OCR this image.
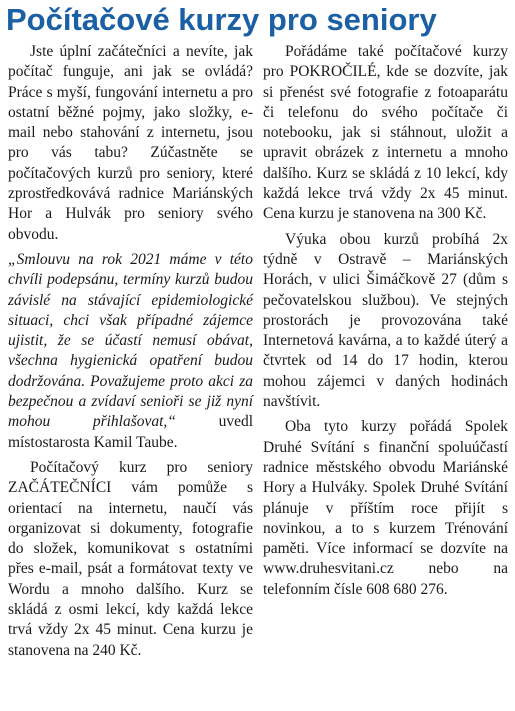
Počítačové kurzy pro seniory

Jste úplní začátečníci a nevíte, jak počítač funguje, ani jak se ovládá? Práce s myší, fungování internetu a pro ostatní běžné pojmy, jako složky, e-mail nebo stahování z internetu, jsou pro vás tabu? Zúčastněte se počítačových kurzů pro seniory, které zprostředkovává radnice Mariánských Hor a Hulvák pro seniory svého obvodu.

„Smlouvu na rok 2021 máme v této chvíli podepsánu, termíny kurzů budou závislé na stávající epidemiologické situaci, chci však případné zájemce ujistit, že se účastí nemusí obávat, všechna hygienická opatření budou dodržována. Považujeme proto akci za bezpečnou a zvídaví senioři se již nyní mohou přihlašovat,“ uvedl místostarosta Kamil Taube.

Počítačový kurz pro seniory ZAČÁTEČNÍCI vám pomůže s orientací na internetu, naučí vás organizovat si dokumenty, fotografie do složek, komunikovat s ostatními přes e-mail, psát a formátovat texty ve Wordu a mnoho dalšího. Kurz se skládá z osmi lekcí, kdy každá lekce trvá vždy 2x 45 minut. Cena kurzu je stanovena na 240 Kč.

Pořádáme také počítačové kurzy pro POKROČILÉ, kde se dozvíte, jak si přenést své fotografie z fotoaparátu či telefonu do svého počítače či notebooku, jak si stáhnout, uložit a upravit obrázek z internetu a mnoho dalšího. Kurz se skládá z 10 lekcí, kdy každá lekce trvá vždy 2x 45 minut. Cena kurzu je stanovena na 300 Kč.

Výuka obou kurzů probíhá 2x týdně v Ostravě – Mariánských Horách, v ulici Šimáčkově 27 (dům s pečovatelskou službou). Ve stejných prostorách je provozována také Internetová kavárna, a to každé úterý a čtvrtek od 14 do 17 hodin, kterou mohou zájemci v daných hodinách navštívit.

Oba tyto kurzy pořádá Spolek Druhé Svítání s finanční spoluúčastí radnice městského obvodu Mariánské Hory a Hulváky. Spolek Druhé Svítání plánuje v příštím roce přijít s novinkou, a to s kurzem Trénování paměti. Více informací se dozvíte na www.druhesvitani.cz nebo na telefonním čísle 608 680 276.
